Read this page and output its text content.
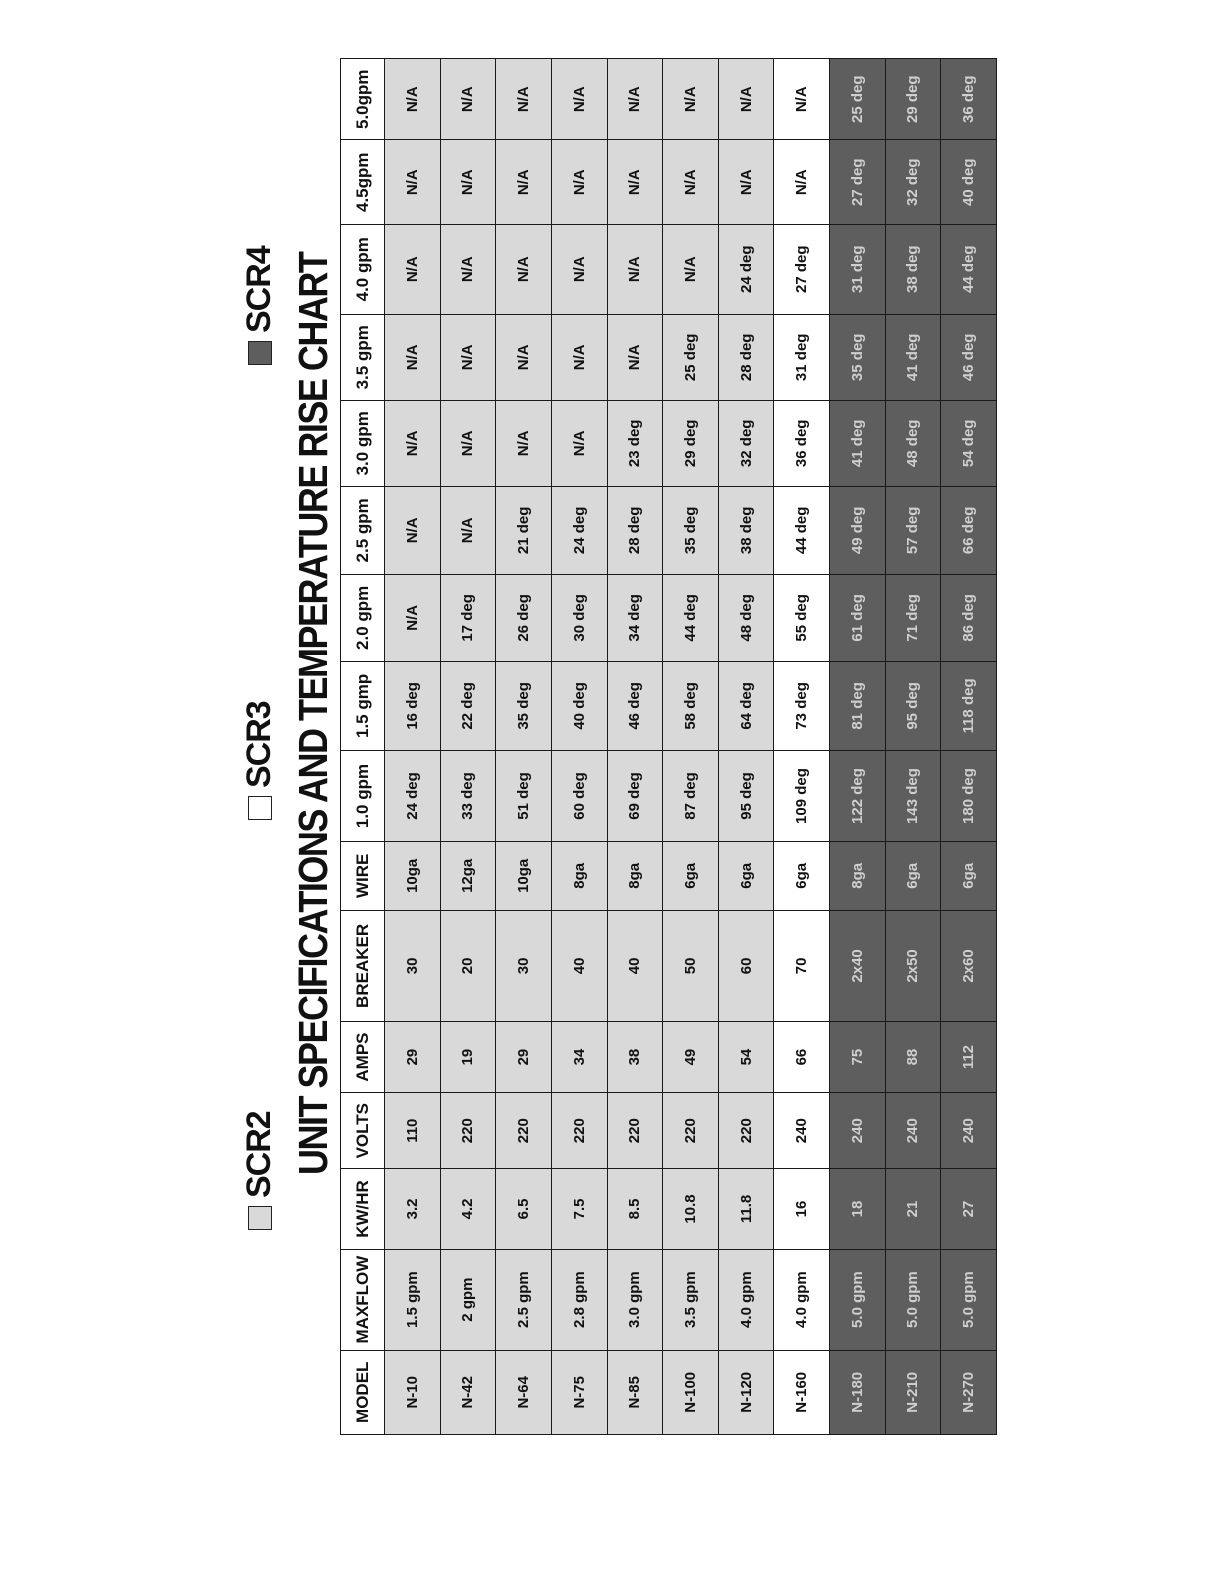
SCR2
SCR3
SCR4 UNIT SPECIFICATIONS AND TEMPERATURE RISE CHART
MODEL	MAXFLOW	KW/HR	VOLTS	AMPS	BREAKER	WIRE	1.0 gpm	1.5 gmp	2.0 gpm	2.5 gpm	3.0 gpm	3.5 gpm	4.0 gpm	4.5gpm	5.0gpm
N-10	1.5 gpm	3.2	110	29	30	10ga	24 deg	16 deg	N/A	N/A	N/A	N/A	N/A	N/A	N/A
N-42	2 gpm	4.2	220	19	20	12ga	33 deg	22 deg	17 deg	N/A	N/A	N/A	N/A	N/A	N/A
N-64	2.5 gpm	6.5	220	29	30	10ga	51 deg	35 deg	26 deg	21 deg	N/A	N/A	N/A	N/A	N/A
N-75	2.8 gpm	7.5	220	34	40	8ga	60 deg	40 deg	30 deg	24 deg	N/A	N/A	N/A	N/A	N/A
N-85	3.0 gpm	8.5	220	38	40	8ga	69 deg	46 deg	34 deg	28 deg	23 deg	N/A	N/A	N/A	N/A
N-100	3.5 gpm	10.8	220	49	50	6ga	87 deg	58 deg	44 deg	35 deg	29 deg	25 deg	N/A	N/A	N/A
N-120	4.0 gpm	11.8	220	54	60	6ga	95 deg	64 deg	48 deg	38 deg	32 deg	28 deg	24 deg	N/A	N/A
N-160	4.0 gpm	16	240	66	70	6ga	109 deg	73 deg	55 deg	44 deg	36 deg	31 deg	27 deg	N/A	N/A
N-180	5.0 gpm	18	240	75	2x40	8ga	122 deg	81 deg	61 deg	49 deg	41 deg	35 deg	31 deg	27 deg	25 deg
N-210	5.0 gpm	21	240	88	2x50	6ga	143 deg	95 deg	71 deg	57 deg	48 deg	41 deg	38 deg	32 deg	29 deg
N-270	5.0 gpm	27	240	112	2x60	6ga	180 deg	118 deg	86 deg	66 deg	54 deg	46 deg	44 deg	40 deg	36 deg
